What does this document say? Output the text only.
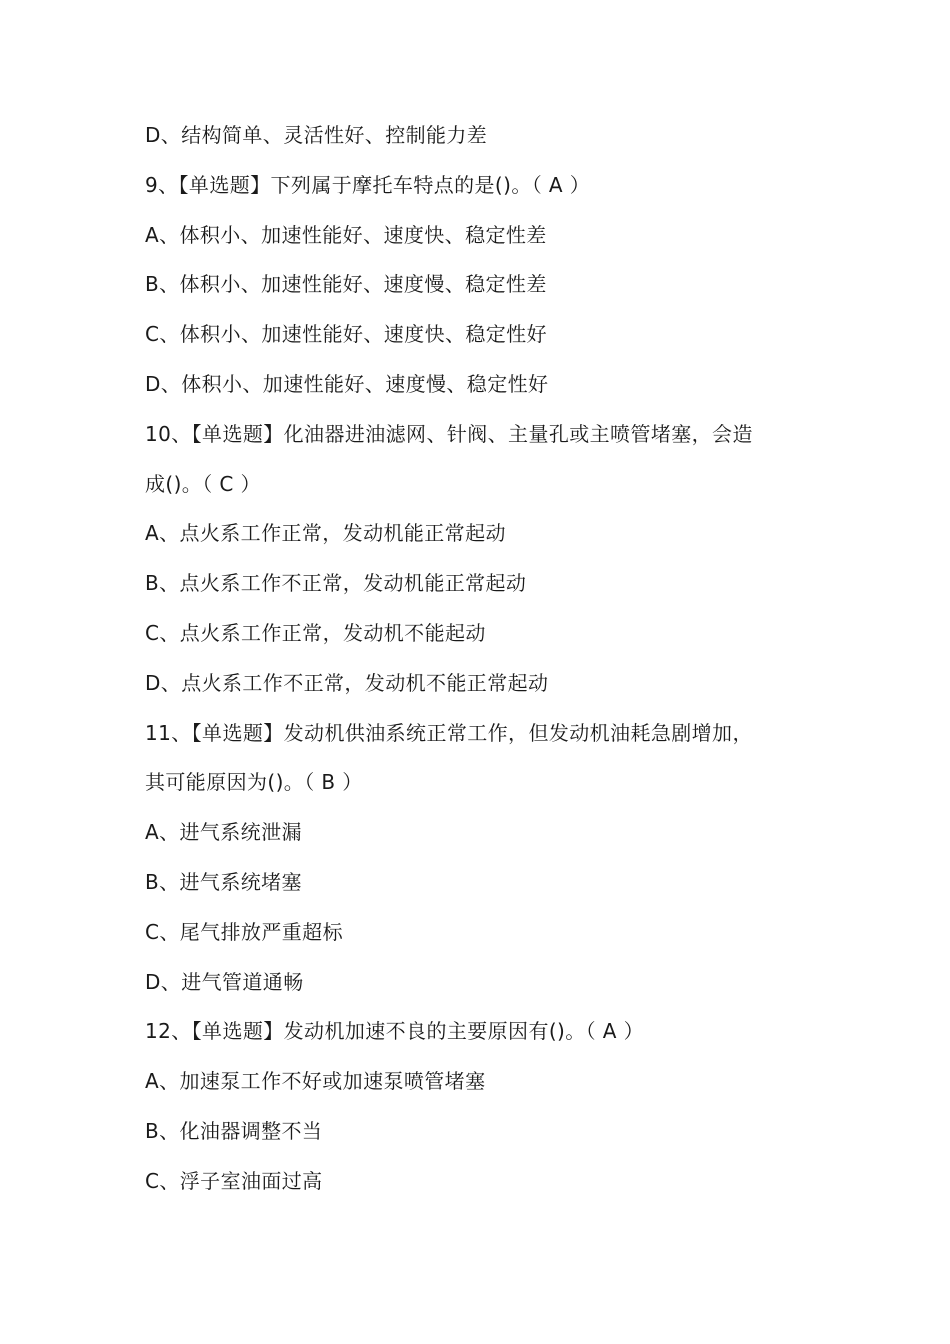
D、结构简单、灵活性好、控制能力差
9、【单选题】下列属于摩托车特点的是()。（ A ）
A、体积小、加速性能好、速度快、稳定性差
B、体积小、加速性能好、速度慢、稳定性差
C、体积小、加速性能好、速度快、稳定性好
D、体积小、加速性能好、速度慢、稳定性好
10、【单选题】化油器进油滤网、针阀、主量孔或主喷管堵塞，会造
成()。（ C ）
A、点火系工作正常，发动机能正常起动
B、点火系工作不正常，发动机能正常起动
C、点火系工作正常，发动机不能起动
D、点火系工作不正常，发动机不能正常起动
11、【单选题】发动机供油系统正常工作，但发动机油耗急剧增加，
其可能原因为()。（ B ）
A、进气系统泄漏
B、进气系统堵塞
C、尾气排放严重超标
D、进气管道通畅
12、【单选题】发动机加速不良的主要原因有()。（ A ）
A、加速泵工作不好或加速泵喷管堵塞
B、化油器调整不当
C、浮子室油面过高
